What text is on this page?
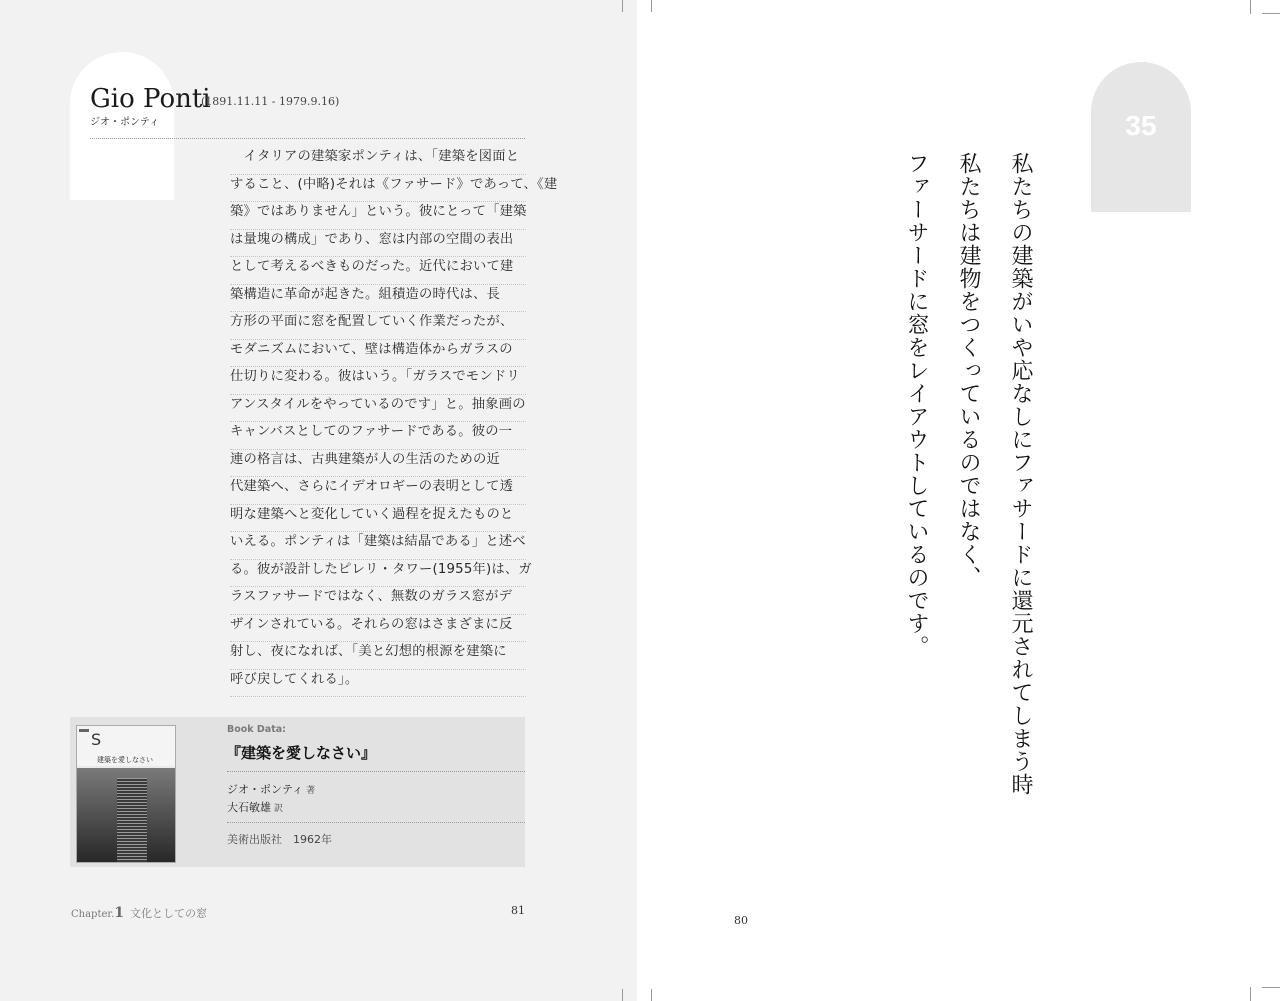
Gio Ponti
(1891.11.11 - 1979.9.16)
ジオ・ポンティ
　イタリアの建築家ポンティは、「建築を図面と
すること、(中略)それは《ファサード》であって、《建
築》ではありません」という。彼にとって「建築
は量塊の構成」であり、窓は内部の空間の表出
として考えるべきものだった。近代において建
築構造に革命が起きた。組積造の時代は、長
方形の平面に窓を配置していく作業だったが、
モダニズムにおいて、壁は構造体からガラスの
仕切りに変わる。彼はいう。「ガラスでモンドリ
アンスタイルをやっているのです」と。抽象画の
キャンバスとしてのファサードである。彼の一
連の格言は、古典建築が人の生活のための近
代建築へ、さらにイデオロギーの表明として透
明な建築へと変化していく過程を捉えたものと
いえる。ポンティは「建築は結晶である」と述べ
る。彼が設計したピレリ・タワー(1955年)は、ガ
ラスファサードではなく、無数のガラス窓がデ
ザインされている。それらの窓はさまざまに反
射し、夜になれば、「美と幻想的根源を建築に
呼び戻してくれる」。
S
建築を愛しなさい
Book Data:
『建築を愛しなさい』
ジオ・ポンティ 著
大石敏雄 訳
美術出版社　1962年
Chapter.1 文化としての窓	81
35
私たちの建築がいや応なしにファサードに還元されてしまう時
私たちは建物をつくっているのではなく、
ファーサードに窓をレイアウトしているのです。
80
